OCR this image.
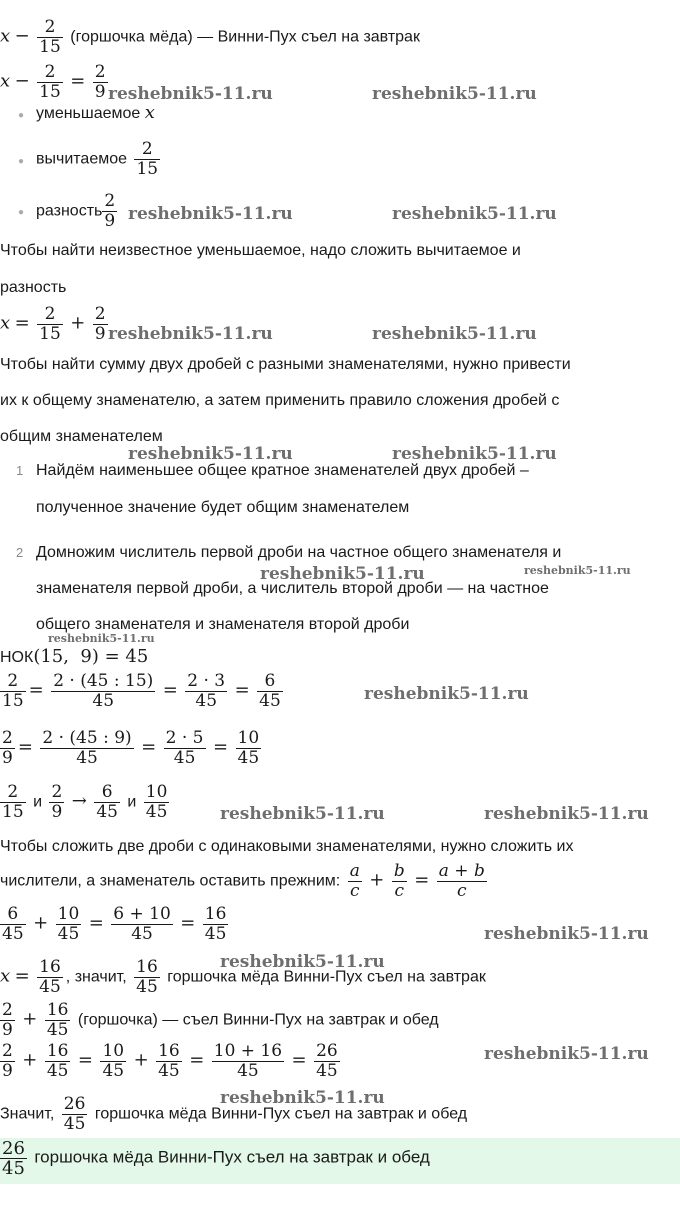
$x - \frac{2}{15}$ (горшочка мёда) — Винни-Пух съел на завтрак
$x - \frac{2}{15} = \frac{2}{9}$
● уменьшаемое x
● вычитаемое $\frac{2}{15}$
● разность $\frac{2}{9}$
Чтобы найти неизвестное уменьшаемое, надо сложить вычитаемое и
разность
$x = \frac{2}{15} + \frac{2}{9}$
Чтобы найти сумму двух дробей с разными знаменателями, нужно привести
их к общему знаменателю, а затем применить правило сложения дробей с
общим знаменателем
1 Найдём наименьшее общее кратное знаменателей двух дробей –
полученное значение будет общим знаменателем
2 Домножим числитель первой дроби на частное общего знаменателя и
знаменателя первой дроби, а числитель второй дроби — на частное
общего знаменателя и знаменателя второй дроби
НОК(15,  9) = 45
$\frac{2}{15} = \frac{2 \cdot (45 : 15)}{45} = \frac{2 \cdot 3}{45} = \frac{6}{45}$
$\frac{2}{9} = \frac{2 \cdot (45 : 9)}{45} = \frac{2 \cdot 5}{45} = \frac{10}{45}$
$\frac{2}{15}$ и $\frac{2}{9} \to \frac{6}{45}$ и $\frac{10}{45}$
Чтобы сложить две дроби с одинаковыми знаменателями, нужно сложить их
числители, а знаменатель оставить прежним: $\frac{a}{c} + \frac{b}{c} = \frac{a + b}{c}$
$\frac{6}{45} + \frac{10}{45} = \frac{6 + 10}{45} = \frac{16}{45}$
$x = \frac{16}{45}$ , значит, $\frac{16}{45}$ горшочка мёда Винни-Пух съел на завтрак
$\frac{2}{9} + \frac{16}{45}$ (горшочка) — съел Винни-Пух на завтрак и обед
$\frac{2}{9} + \frac{16}{45} = \frac{10}{45} + \frac{16}{45} = \frac{10 + 16}{45} = \frac{26}{45}$
Значит, $\frac{26}{45}$ горшочка мёда Винни-Пух съел на завтрак и обед
$\frac{26}{45}$ горшочка мёда Винни-Пух съел на завтрак и обед
reshebnik5-11.ru	reshebnik5-11.ru
reshebnik5-11.ru	reshebnik5-11.ru
reshebnik5-11.ru	reshebnik5-11.ru
reshebnik5-11.ru	reshebnik5-11.ru
reshebnik5-11.ru	reshebnik5-11.ru
reshebnik5-11.ru
reshebnik5-11.ru
reshebnik5-11.ru	reshebnik5-11.ru
reshebnik5-11.ru
reshebnik5-11.ru
reshebnik5-11.ru
reshebnik5-11.ru
